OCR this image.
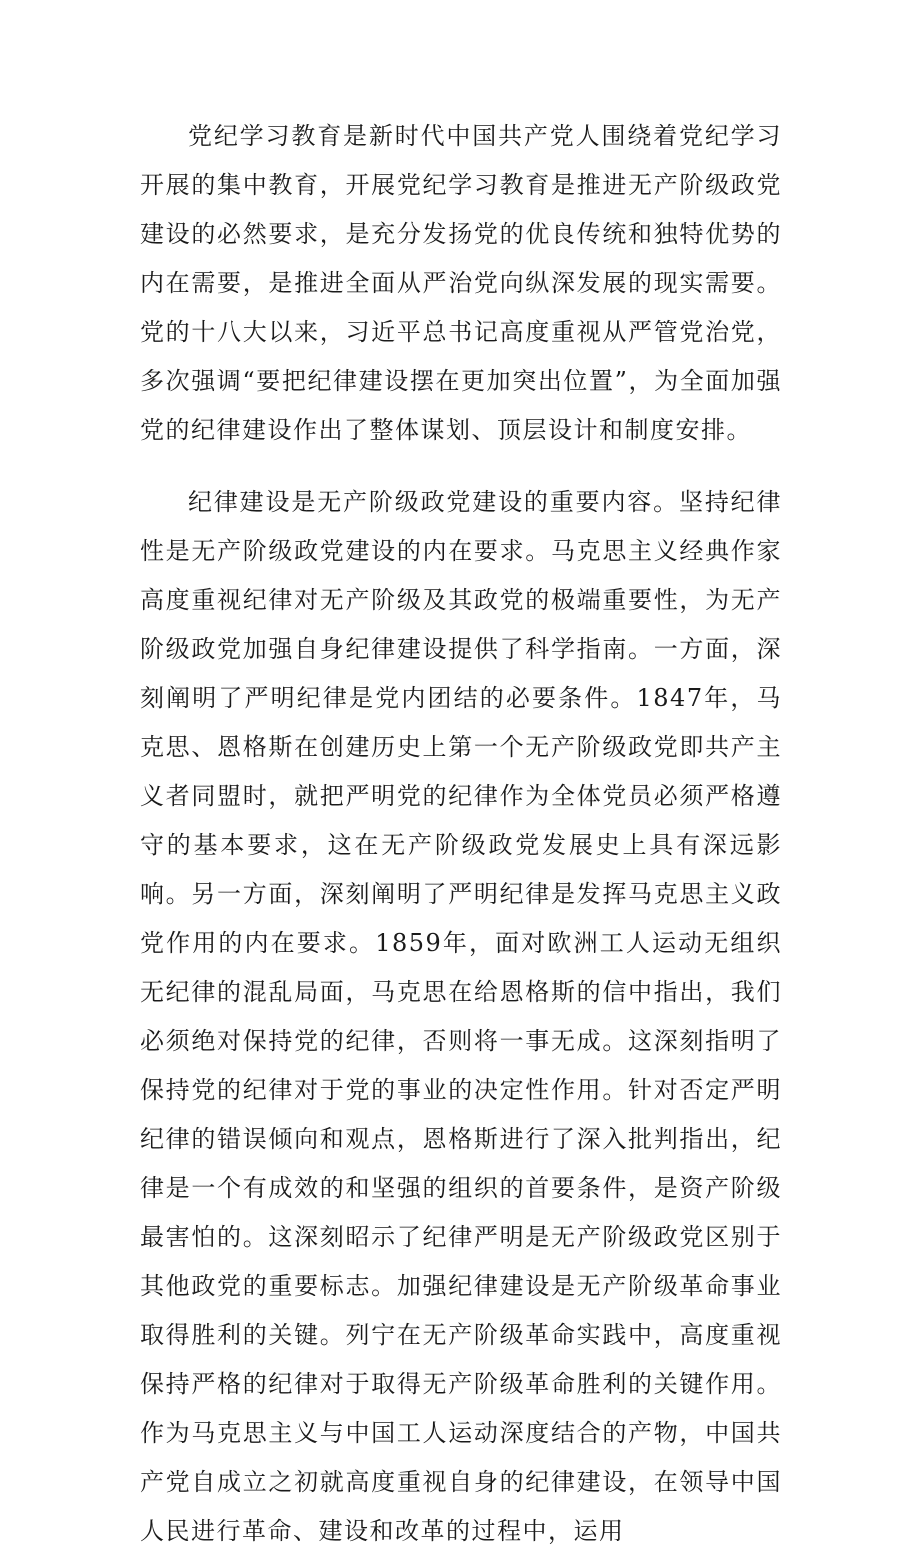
党纪学习教育是新时代中国共产党人围绕着党纪学习开展的集中教育，开展党纪学习教育是推进无产阶级政党建设的必然要求，是充分发扬党的优良传统和独特优势的内在需要，是推进全面从严治党向纵深发展的现实需要。党的十八大以来，习近平总书记高度重视从严管党治党，多次强调“要把纪律建设摆在更加突出位置”，为全面加强党的纪律建设作出了整体谋划、顶层设计和制度安排。

纪律建设是无产阶级政党建设的重要内容。坚持纪律性是无产阶级政党建设的内在要求。马克思主义经典作家高度重视纪律对无产阶级及其政党的极端重要性，为无产阶级政党加强自身纪律建设提供了科学指南。一方面，深刻阐明了严明纪律是党内团结的必要条件。1847年，马克思、恩格斯在创建历史上第一个无产阶级政党即共产主义者同盟时，就把严明党的纪律作为全体党员必须严格遵守的基本要求，这在无产阶级政党发展史上具有深远影响。另一方面，深刻阐明了严明纪律是发挥马克思主义政党作用的内在要求。1859年，面对欧洲工人运动无组织无纪律的混乱局面，马克思在给恩格斯的信中指出，我们必须绝对保持党的纪律，否则将一事无成。这深刻指明了保持党的纪律对于党的事业的决定性作用。针对否定严明纪律的错误倾向和观点，恩格斯进行了深入批判指出，纪律是一个有成效的和坚强的组织的首要条件，是资产阶级最害怕的。这深刻昭示了纪律严明是无产阶级政党区别于其他政党的重要标志。加强纪律建设是无产阶级革命事业取得胜利的关键。列宁在无产阶级革命实践中，高度重视保持严格的纪律对于取得无产阶级革命胜利的关键作用。作为马克思主义与中国工人运动深度结合的产物，中国共产党自成立之初就高度重视自身的纪律建设，在领导中国人民进行革命、建设和改革的过程中，运用
